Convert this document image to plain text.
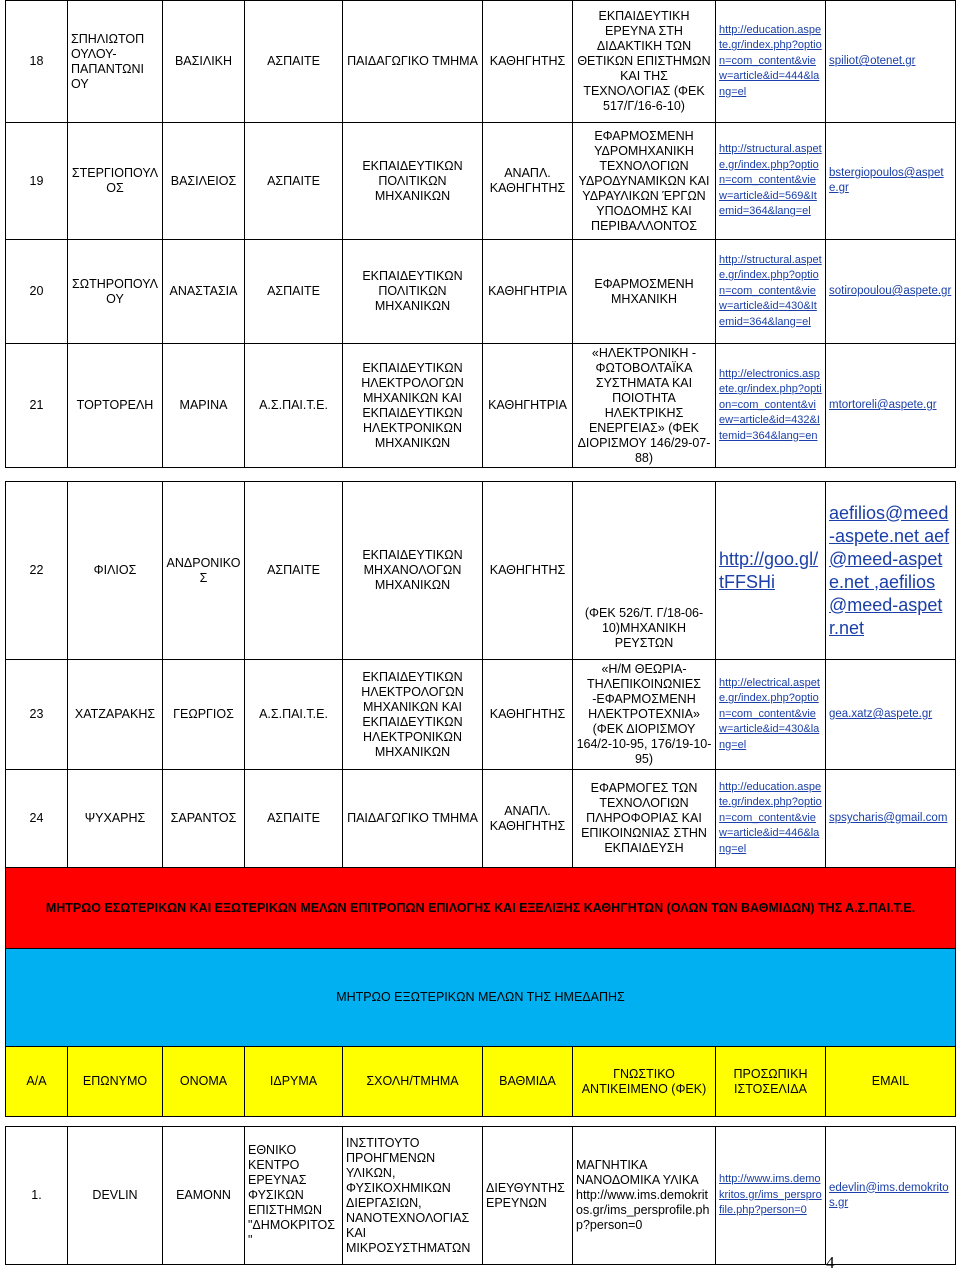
18	ΣΠΗΛΙΩΤΟΠ
ΟΥΛΟΥ-
ΠΑΠΑΝΤΩΝΙ
ΟΥ	ΒΑΣΙΛΙΚΗ	ΑΣΠΑΙΤΕ	ΠΑΙΔΑΓΩΓΙΚΟ ΤΜΗΜΑ	ΚΑΘΗΓΗΤΗΣ	ΕΚΠΑΙΔΕΥΤΙΚΗ ΕΡΕΥΝΑ ΣΤΗ ΔΙΔΑΚΤΙΚΗ ΤΩΝ ΘΕΤΙΚΩΝ ΕΠΙΣΤΗΜΩΝ ΚΑΙ ΤΗΣ ΤΕΧΝΟΛΟΓΙΑΣ (ΦΕΚ 517/Γ/16-6-10)	http://education.aspete.gr/index.php?option=com_content&view=article&id=444&lang=el	spiliot@otenet.gr
19	ΣΤΕΡΓΙΟΠΟΥΛΟΣ	ΒΑΣΙΛΕΙΟΣ	ΑΣΠΑΙΤΕ	ΕΚΠΑΙΔΕΥΤΙΚΩΝ ΠΟΛΙΤΙΚΩΝ ΜΗΧΑΝΙΚΩΝ	ΑΝΑΠΛ. ΚΑΘΗΓΗΤΗΣ	ΕΦΑΡΜΟΣΜΕΝΗ ΥΔΡΟΜΗΧΑΝΙΚΗ ΤΕΧΝΟΛΟΓΙΩΝ ΥΔΡΟΔΥΝΑΜΙΚΩΝ ΚΑΙ ΥΔΡΑΥΛΙΚΩΝ ΈΡΓΩΝ ΥΠΟΔΟΜΗΣ ΚΑΙ ΠΕΡΙΒΑΛΛΟΝΤΟΣ	http://structural.aspete.gr/index.php?option=com_content&view=article&id=569&Itemid=364&lang=el	bstergiopoulos@aspete.gr
20	ΣΩΤΗΡΟΠΟΥΛΟΥ	ΑΝΑΣΤΑΣΙΑ	ΑΣΠΑΙΤΕ	ΕΚΠΑΙΔΕΥΤΙΚΩΝ ΠΟΛΙΤΙΚΩΝ ΜΗΧΑΝΙΚΩΝ	ΚΑΘΗΓΗΤΡΙΑ	ΕΦΑΡΜΟΣΜΕΝΗ ΜΗΧΑΝΙΚΗ	http://structural.aspete.gr/index.php?option=com_content&view=article&id=430&Itemid=364&lang=el	sotiropoulou@aspete.gr
21	ΤΟΡΤΟΡΕΛΗ	ΜΑΡΙΝΑ	Α.Σ.ΠΑΙ.Τ.Ε.	ΕΚΠΑΙΔΕΥΤΙΚΩΝ ΗΛΕΚΤΡΟΛΟΓΩΝ ΜΗΧΑΝΙΚΩΝ ΚΑΙ ΕΚΠΑΙΔΕΥΤΙΚΩΝ ΗΛΕΚΤΡΟΝΙΚΩΝ ΜΗΧΑΝΙΚΩΝ	ΚΑΘΗΓΗΤΡΙΑ	«ΗΛΕΚΤΡΟΝΙΚΗ - ΦΩΤΟΒΟΛΤΑΪΚΑ ΣΥΣΤΗΜΑΤΑ ΚΑΙ ΠΟΙΟΤΗΤΑ ΗΛΕΚΤΡΙΚΗΣ ΕΝΕΡΓΕΙΑΣ» (ΦΕΚ ΔΙΟΡΙΣΜΟΥ 146/29-07-88)	http://electronics.aspete.gr/index.php?option=com_content&view=article&id=432&Itemid=364&lang=en	mtortoreli@aspete.gr

22	ΦΙΛΙΟΣ	ΑΝΔΡΟΝΙΚΟΣ	ΑΣΠΑΙΤΕ	ΕΚΠΑΙΔΕΥΤΙΚΩΝ ΜΗΧΑΝΟΛΟΓΩΝ ΜΗΧΑΝΙΚΩΝ	ΚΑΘΗΓΗΤΗΣ	(ΦΕΚ 526/Τ. Γ/18-06-10)ΜΗΧΑΝΙΚΗ ΡΕΥΣΤΩΝ	http://goo.gl/tFFSHi	aefilios@meed-aspete.net aef@meed-aspete.net ,aefilios@meed-aspetr.net
23	ΧΑΤΖΑΡΑΚΗΣ	ΓΕΩΡΓΙΟΣ	Α.Σ.ΠΑΙ.Τ.Ε.	ΕΚΠΑΙΔΕΥΤΙΚΩΝ ΗΛΕΚΤΡΟΛΟΓΩΝ ΜΗΧΑΝΙΚΩΝ ΚΑΙ ΕΚΠΑΙΔΕΥΤΙΚΩΝ ΗΛΕΚΤΡΟΝΙΚΩΝ ΜΗΧΑΝΙΚΩΝ	ΚΑΘΗΓΗΤΗΣ	«Η/Μ ΘΕΩΡΙΑ-ΤΗΛΕΠΙΚΟΙΝΩΝΙΕΣ -ΕΦΑΡΜΟΣΜΕΝΗ ΗΛΕΚΤΡΟΤΕΧΝΙΑ» (ΦΕΚ ΔΙΟΡΙΣΜΟΥ 164/2-10-95, 176/19-10-95)	http://electrical.aspete.gr/index.php?option=com_content&view=article&id=430&lang=el	gea.xatz@aspete.gr
24	ΨΥΧΑΡΗΣ	ΣΑΡΑΝΤΟΣ	ΑΣΠΑΙΤΕ	ΠΑΙΔΑΓΩΓΙΚΟ ΤΜΗΜΑ	ΑΝΑΠΛ. ΚΑΘΗΓΗΤΗΣ	ΕΦΑΡΜΟΓΕΣ ΤΩΝ ΤΕΧΝΟΛΟΓΙΩΝ ΠΛΗΡΟΦΟΡΙΑΣ ΚΑΙ ΕΠΙΚΟΙΝΩΝΙΑΣ ΣΤΗΝ ΕΚΠΑΙΔΕΥΣΗ	http://education.aspete.gr/index.php?option=com_content&view=article&id=446&lang=el	spsycharis@gmail.com
ΜΗΤΡΩΟ ΕΣΩΤΕΡΙΚΩΝ ΚΑΙ ΕΞΩΤΕΡΙΚΩΝ ΜΕΛΩΝ ΕΠΙΤΡΟΠΩΝ ΕΠΙΛΟΓΗΣ ΚΑΙ ΕΞΕΛΙΞΗΣ ΚΑΘΗΓΗΤΩΝ (ΟΛΩΝ ΤΩΝ ΒΑΘΜΙΔΩΝ) ΤΗΣ Α.Σ.ΠΑΙ.Τ.Ε.								
ΜΗΤΡΩΟ ΕΞΩΤΕΡΙΚΩΝ ΜΕΛΩΝ ΤΗΣ ΗΜΕΔΑΠΗΣ								
Α/Α	ΕΠΩΝΥΜΟ	ΟΝΟΜΑ	ΙΔΡΥΜΑ	ΣΧΟΛΗ/ΤΜΗΜΑ	ΒΑΘΜΙΔΑ	ΓΝΩΣΤΙΚΟ ΑΝΤΙΚΕΙΜΕΝΟ (ΦΕΚ)	ΠΡΟΣΩΠΙΚΗ ΙΣΤΟΣΕΛΙΔΑ	EMAIL

1.	DEVLIN	EAMONN	ΕΘΝΙΚΟ ΚΕΝΤΡΟ ΕΡΕΥΝΑΣ ΦΥΣΙΚΩΝ ΕΠΙΣΤΗΜΩΝ "ΔΗΜΟΚΡΙΤΟΣ"	ΙΝΣΤΙΤΟΥΤΟ ΠΡΟΗΓΜΕΝΩΝ ΥΛΙΚΩΝ, ΦΥΣΙΚΟΧΗΜΙΚΩΝ ΔΙΕΡΓΑΣΙΩΝ, ΝΑΝΟΤΕΧΝΟΛΟΓΙΑΣ ΚΑΙ ΜΙΚΡΟΣΥΣΤΗΜΑΤΩΝ	ΔΙΕΥΘΥΝΤΗΣ ΕΡΕΥΝΩΝ	ΜΑΓΝΗΤΙΚΑ ΝΑΝΟΔΟΜΙΚΑ ΥΛΙΚΑ http://www.ims.demokritos.gr/ims_persprofile.php?person=0	http://www.ims.demokritos.gr/ims_persprofile.php?person=0	edevlin@ims.demokritos.gr
4
